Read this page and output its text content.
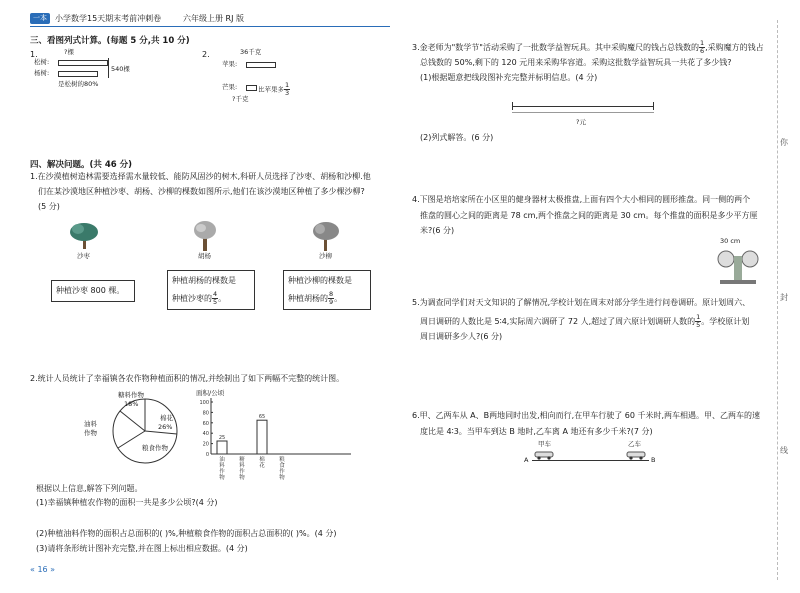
一本	小学数学15天期末考前冲刺卷	六年级上册 RJ 版
三、看图列式计算。(每题 5 分,共 10 分)
1.	?棵
松树:
杨树:	540棵
是松树的80%
2.	36千克
苹果:
芒果:	比苹果多 $\frac{1}{3}$
?千克
四、解决问题。(共 46 分)
1.在沙漠植树造林需要选择需水量较低、能防风固沙的树木,科研人员选择了沙枣、胡杨和沙柳.他
们在某沙漠地区种植沙枣、胡杨、沙柳的棵数如图所示,他们在该沙漠地区种植了多少棵沙柳?
(5 分)
沙枣	胡杨	沙柳
种植沙枣 800 棵。
种植胡杨的棵数是
种植沙枣的 $\frac{4}{5}$ 。
种植沙柳的棵数是
种植胡杨的 $\frac{8}{9}$ 。
2.统计人员统计了幸福镇各农作物种植面积的情况,并绘制出了如下两幅不完整的统计图。
糖料作物
18%
棉花
26%
油料
作物
粮食作物
面积/公顷
0
20
40
60
80
100
25
油
料
作
物
糖
料
作
物
65
棉
花
粮
食
作
物
根据以上信息,解答下列问题。
(1)幸福镇种植农作物的面积一共是多少公顷?(4 分)
(2)种植油料作物的面积占总面积的( )%,种植粮食作物的面积占总面积的( )%。(4 分)
(3)请将条形统计图补充完整,并在图上标出相应数据。(4 分)
« 16 »
3.金老师为"数学节"活动采购了一批数学益智玩具。其中采购魔尺的钱占总钱数的 $\frac{1}{6}$ ,采购魔方的钱占
总钱数的 50%,剩下的 120 元用来采购华容道。采购这批数学益智玩具一共花了多少钱?
(1)根据题意把线段图补充完整并标明信息。(4 分)
?元
(2)列式解答。(6 分)
4.下图是培培家所在小区里的健身器材太极推盘,上面有四个大小相同的圆形推盘。同一侧的两个
推盘的圆心之间的距离是 78 cm,两个推盘之间的距离是 30 cm。每个推盘的面积是多少平方厘
米?(6 分)
30 cm
5.为调查同学们对天文知识的了解情况,学校计划在周末对部分学生进行问卷调研。原计划周六、
周日调研的人数比是 5∶4,实际周六调研了 72 人,超过了周六原计划调研人数的 $\frac{1}{5}$ 。学校原计划
周日调研多少人?(6 分)
6.甲、乙两车从 A、B两地同时出发,相向而行,在甲车行驶了 60 千米时,两车相遇。甲、乙两车的速
度比是 4∶3。当甲车到达 B 地时,乙车离 A 地还有多少千米?(7 分)
甲车	乙车
A	B
你
封
线
